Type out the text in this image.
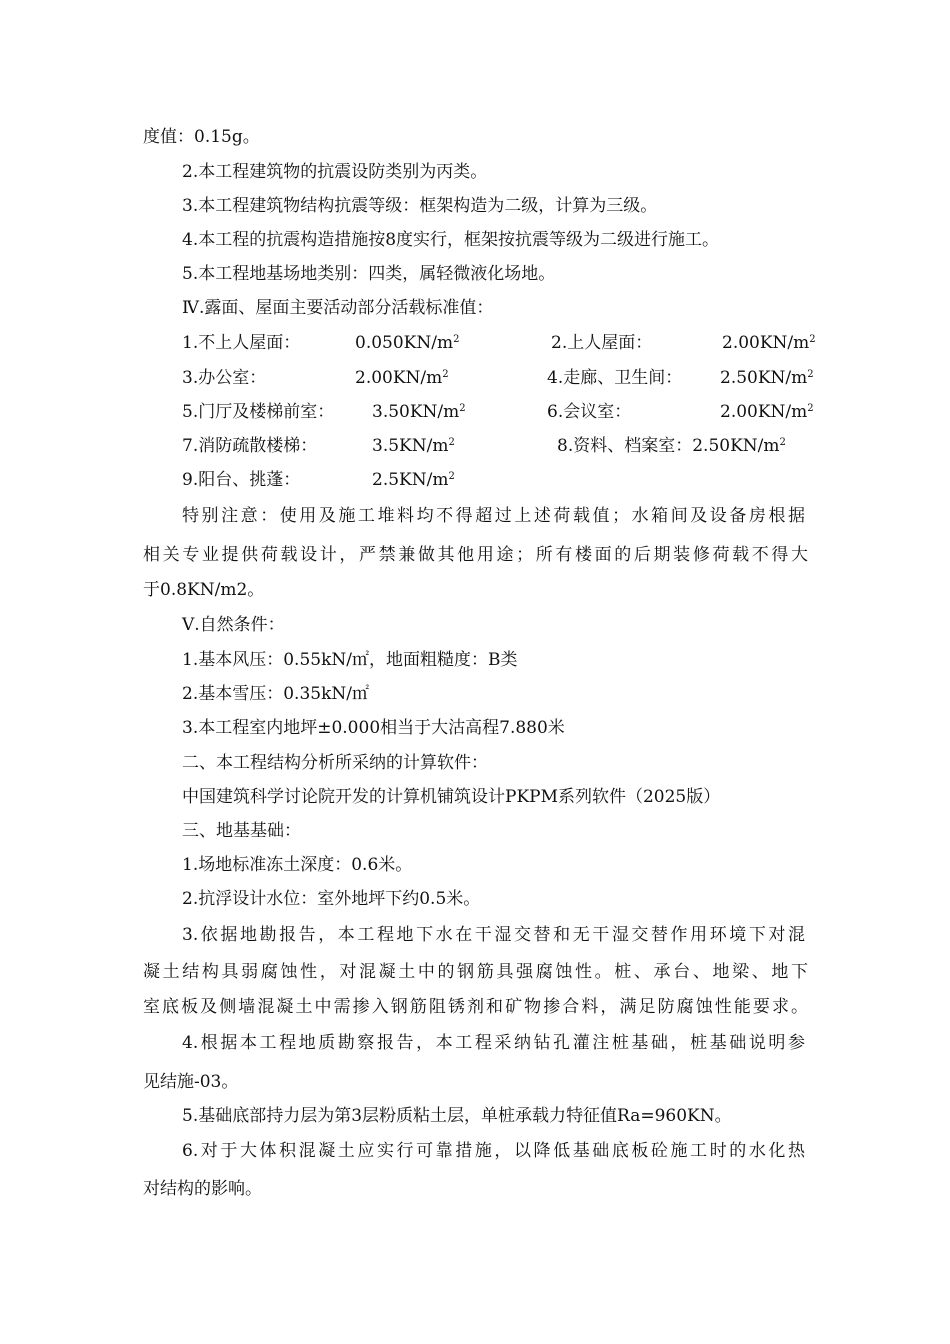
度值：0.15g。
2.本工程建筑物的抗震设防类别为丙类。
3.本工程建筑物结构抗震等级：框架构造为二级，计算为三级。
4.本工程的抗震构造措施按8度实行，框架按抗震等级为二级进行施工。
5.本工程地基场地类别：四类，属轻微液化场地。
Ⅳ.露面、屋面主要活动部分活载标准值：
1.不上人屋面：	$0.050KN/m^2$	2.上人屋面：	$2.00KN/m^2$
3.办公室：	$2.00KN/m^2$	4.走廊、卫生间： $2.50KN/m^2$
5.门厅及楼梯前室： $3.50KN/m^2$	6.会议室：	$2.00KN/m^2$
7.消防疏散楼梯：	$3.5KN/m^2$	8.资料、档案室：$2.50KN/m^2$
9.阳台、挑蓬：	$2.5KN/m^2$
特别注意：使用及施工堆料均不得超过上述荷载值；水箱间及设备房根据
相关专业提供荷载设计，严禁兼做其他用途；所有楼面的后期装修荷载不得大
于0.8KN/m2。
Ⅴ.自然条件：
1.基本风压：0.55kN/㎡，地面粗糙度：B类
2.基本雪压：0.35kN/㎡
3.本工程室内地坪±0.000相当于大沽高程7.880米
二、本工程结构分析所采纳的计算软件：
中国建筑科学讨论院开发的计算机铺筑设计PKPM系列软件（2025版）
三、地基基础：
1.场地标准冻土深度：0.6米。
2.抗浮设计水位：室外地坪下约0.5米。
3.依据地勘报告，本工程地下水在干湿交替和无干湿交替作用环境下对混
凝土结构具弱腐蚀性，对混凝土中的钢筋具强腐蚀性。桩、承台、地梁、地下
室底板及侧墙混凝土中需掺入钢筋阻锈剂和矿物掺合料，满足防腐蚀性能要求。
4.根据本工程地质勘察报告，本工程采纳钻孔灌注桩基础，桩基础说明参
见结施-03。
5.基础底部持力层为第3层粉质粘土层，单桩承载力特征值Ra=960KN。
6.对于大体积混凝土应实行可靠措施，以降低基础底板砼施工时的水化热
对结构的影响。
